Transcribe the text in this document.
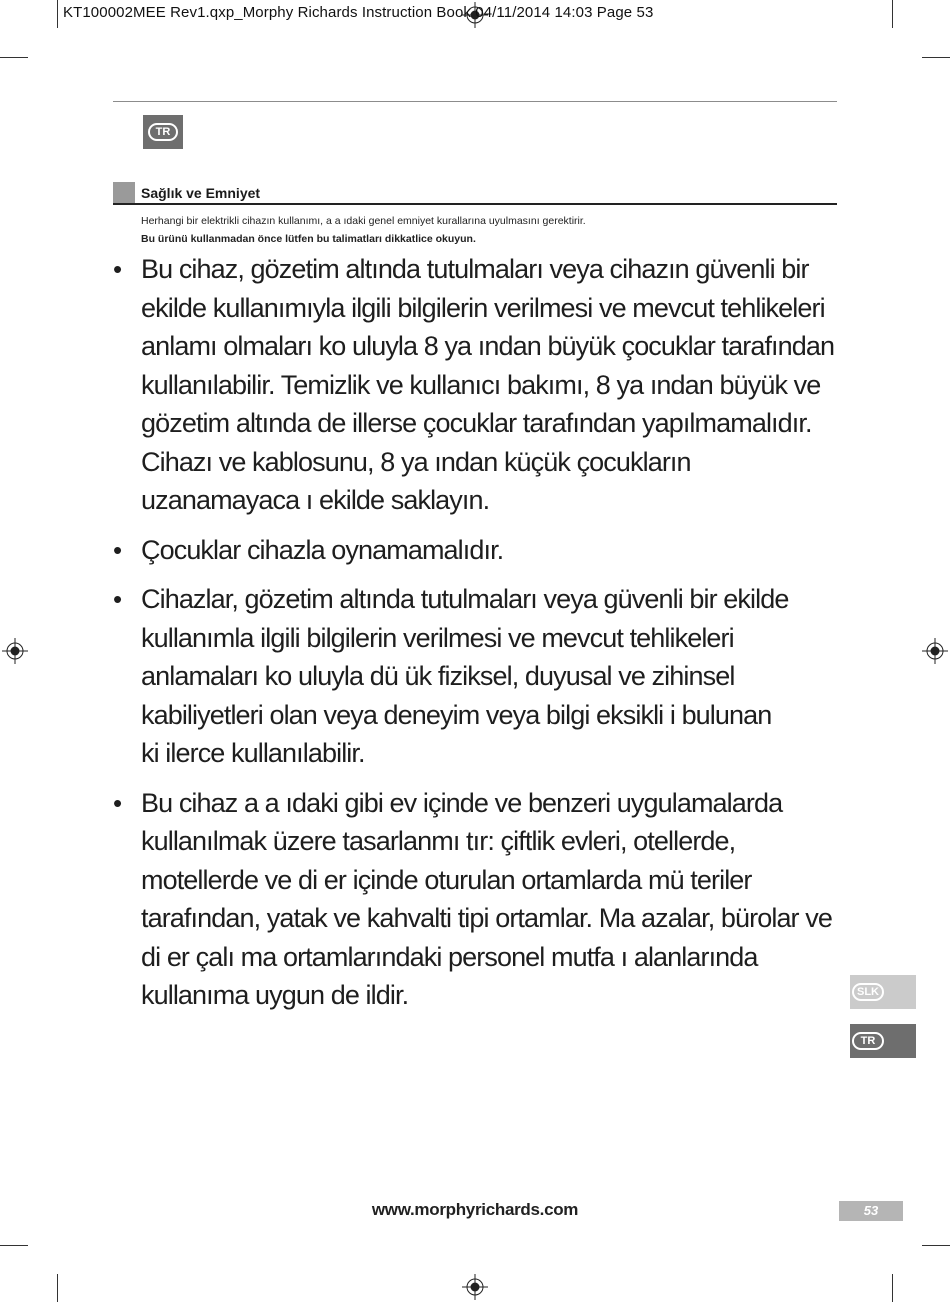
KT100002MEE Rev1.qxp_Morphy Richards Instruction Book 04/11/2014 14:03 Page 53
TR
Sağlık ve Emniyet
Herhangi bir elektrikli cihazın kullanımı, a a ıdaki genel emniyet kurallarına uyulmasını gerektirir.
Bu ürünü kullanmadan önce lütfen bu talimatları dikkatlice okuyun.
• Bu cihaz, gözetim altında tutulmaları veya cihazın güvenli bir
ekilde kullanımıyla ilgili bilgilerin verilmesi ve mevcut tehlikeleri
anlamı olmaları ko uluyla 8 ya ından büyük çocuklar tarafından
kullanılabilir. Temizlik ve kullanıcı bakımı, 8 ya ından büyük ve
gözetim altında de illerse çocuklar tarafından yapılmamalıdır.
Cihazı ve kablosunu, 8 ya ından küçük çocukların
uzanamayaca ı ekilde saklayın.
• Çocuklar cihazla oynamamalıdır.
• Cihazlar, gözetim altında tutulmaları veya güvenli bir ekilde
kullanımla ilgili bilgilerin verilmesi ve mevcut tehlikeleri
anlamaları ko uluyla dü ük fiziksel, duyusal ve zihinsel
kabiliyetleri olan veya deneyim veya bilgi eksikli i bulunan
ki ilerce kullanılabilir.
• Bu cihaz a a ıdaki gibi ev içinde ve benzeri uygulamalarda
kullanılmak üzere tasarlanmı tır: çiftlik evleri, otellerde,
motellerde ve di er içinde oturulan ortamlarda mü teriler
tarafından, yatak ve kahvalti tipi ortamlar. Ma azalar, bürolar ve
di er çalı ma ortamlarındaki personel mutfa ı alanlarında
kullanıma uygun de ildir.	SLK
TR
www.morphyrichards.com	53
